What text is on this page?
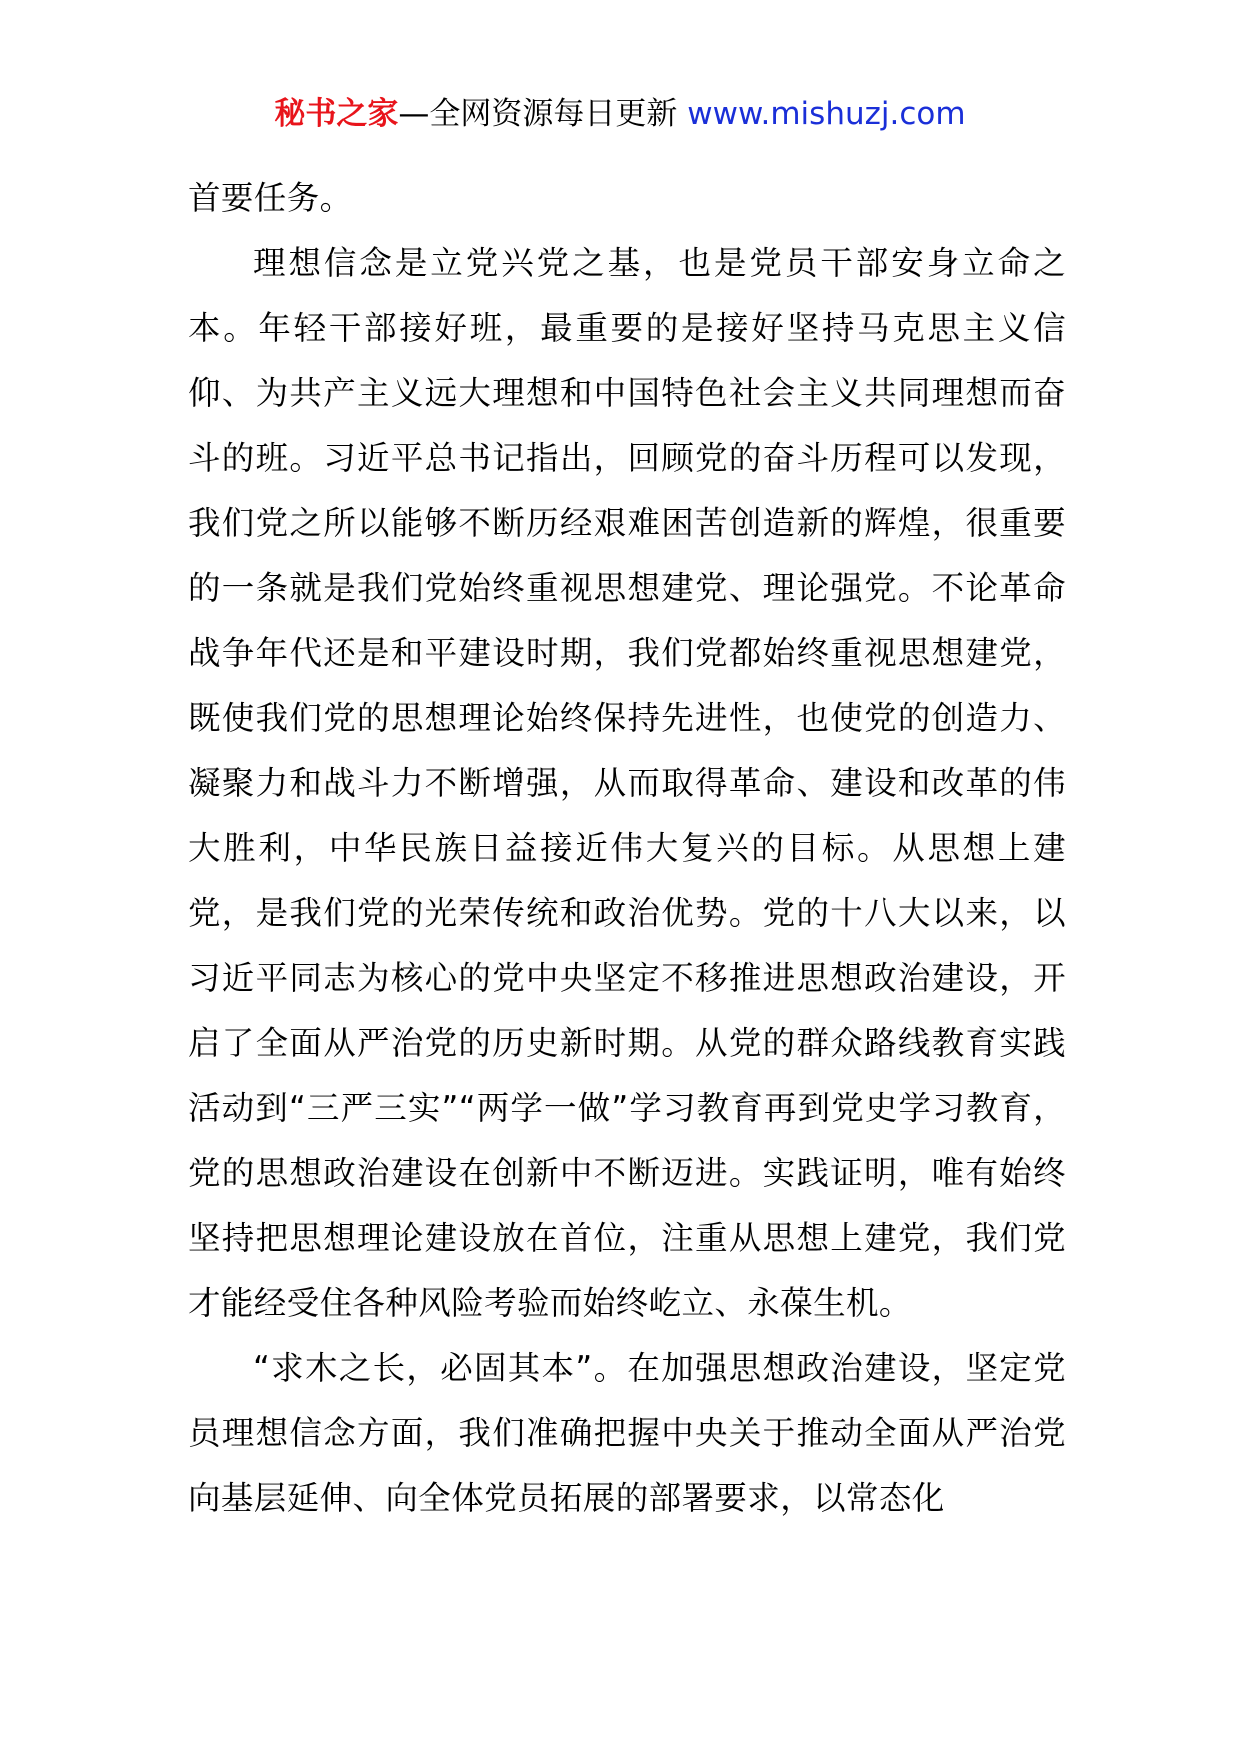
秘书之家—全网资源每日更新 www.mishuzj.com

首要任务。

理想信念是立党兴党之基，也是党员干部安身立命之本。年轻干部接好班，最重要的是接好坚持马克思主义信仰、为共产主义远大理想和中国特色社会主义共同理想而奋斗的班。习近平总书记指出，回顾党的奋斗历程可以发现，我们党之所以能够不断历经艰难困苦创造新的辉煌，很重要的一条就是我们党始终重视思想建党、理论强党。不论革命战争年代还是和平建设时期，我们党都始终重视思想建党，既使我们党的思想理论始终保持先进性，也使党的创造力、凝聚力和战斗力不断增强，从而取得革命、建设和改革的伟大胜利，中华民族日益接近伟大复兴的目标。从思想上建党，是我们党的光荣传统和政治优势。党的十八大以来，以习近平同志为核心的党中央坚定不移推进思想政治建设，开启了全面从严治党的历史新时期。从党的群众路线教育实践活动到“三严三实”“两学一做”学习教育再到党史学习教育，党的思想政治建设在创新中不断迈进。实践证明，唯有始终坚持把思想理论建设放在首位，注重从思想上建党，我们党才能经受住各种风险考验而始终屹立、永葆生机。

“求木之长，必固其本”。在加强思想政治建设，坚定党员理想信念方面，我们准确把握中央关于推动全面从严治党向基层延伸、向全体党员拓展的部署要求，以常态化
